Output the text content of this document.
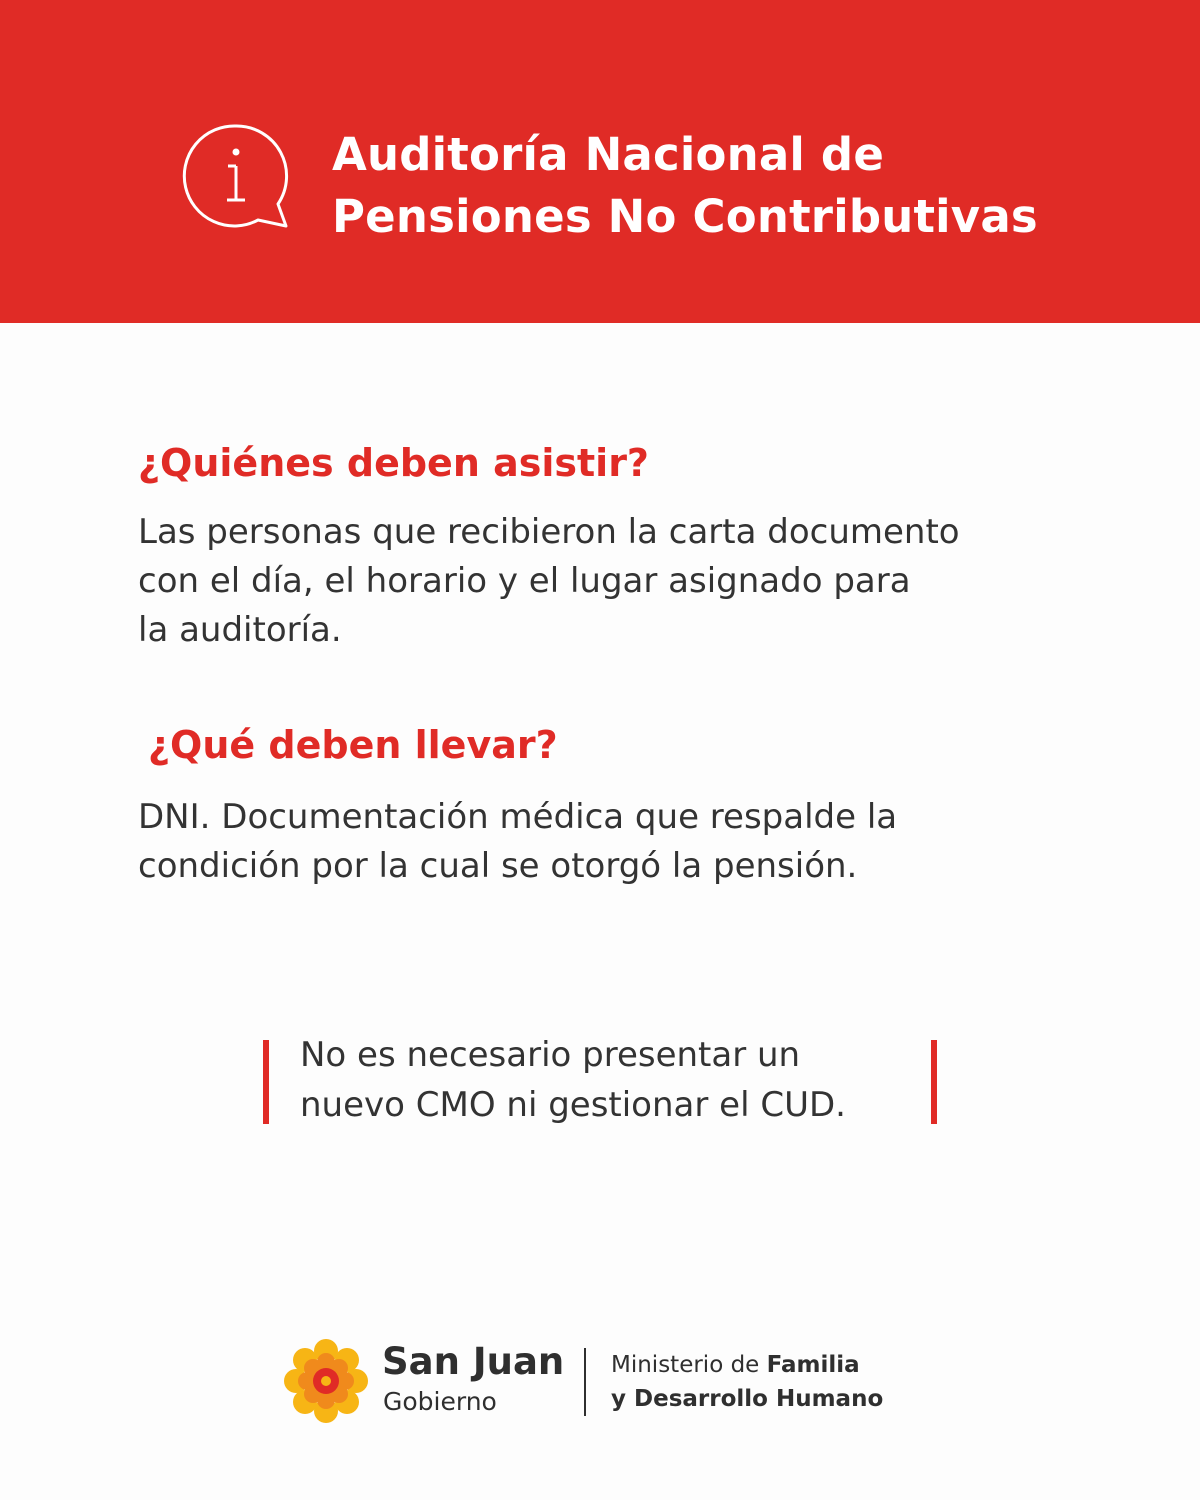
Auditoría Nacional de
Pensiones No Contributivas
¿Quiénes deben asistir?
Las personas que recibieron la carta documento
con el día, el horario y el lugar asignado para
la auditoría.
¿Qué deben llevar?
DNI. Documentación médica que respalde la
condición por la cual se otorgó la pensión.
No es necesario presentar un
nuevo CMO ni gestionar el CUD.
San Juan
Gobierno
Ministerio de Familia
y Desarrollo Humano
